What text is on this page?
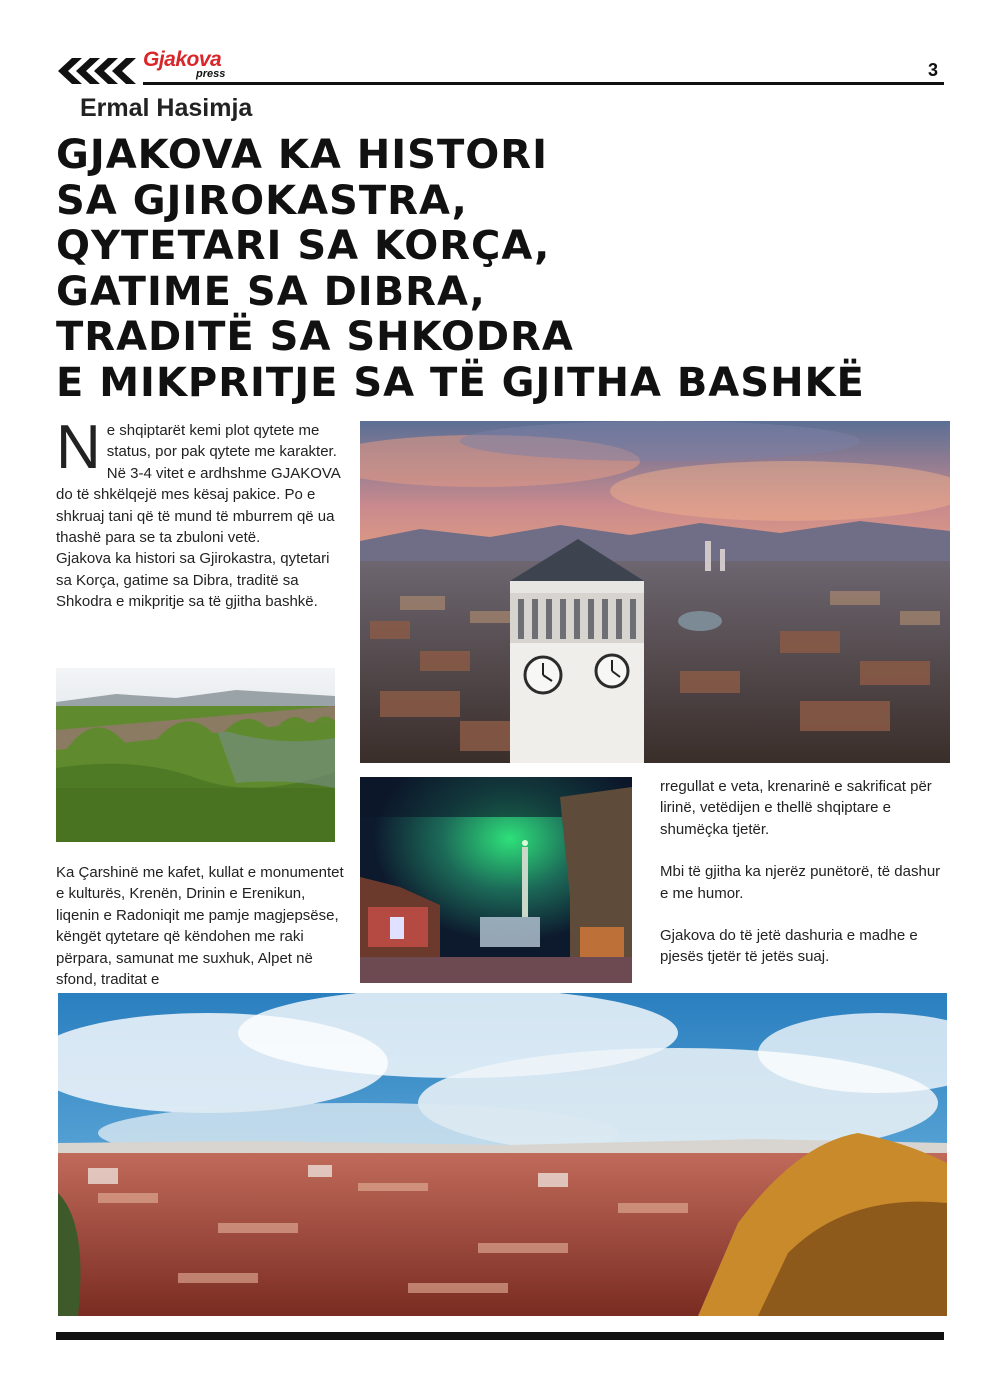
Gjakova
press	3
Ermal Hasimja
GJAKOVA KA HISTORI
SA GJIROKASTRA,
QYTETARI SA KORÇA,
GATIME SA DIBRA,
TRADITË SA SHKODRA
E MIKPRITJE SA TË GJITHA BASHKË
N e shqiptarët kemi plot qytete me status, por pak qytete me karakter.

Në 3-4 vitet e ardhshme GJAKOVA do të shkëlqejë mes kësaj pakice. Po e shkruaj tani që të mund të mburrem që ua thashë para se ta zbuloni vetë.

Gjakova ka histori sa Gjirokastra, qytetari sa Korça, gatime sa Dibra, traditë sa Shkodra e mikpritje sa të gjitha bashkë.

Ka Çarshinë me kafet, kullat e monumentet e kulturës, Krenën, Drinin e Erenikun, liqenin e Radoniqit me pamje magjepsëse, këngët qytetare që këndohen me raki përpara, samunat me suxhuk, Alpet në sfond, traditat e

rregullat e veta, krenarinë e sakrificat për lirinë, vetëdijen e thellë shqiptare e shumëçka tjetër.

Mbi të gjitha ka njerëz punëtorë, të dashur e me humor.

Gjakova do të jetë dashuria e madhe e pjesës tjetër të jetës suaj.
